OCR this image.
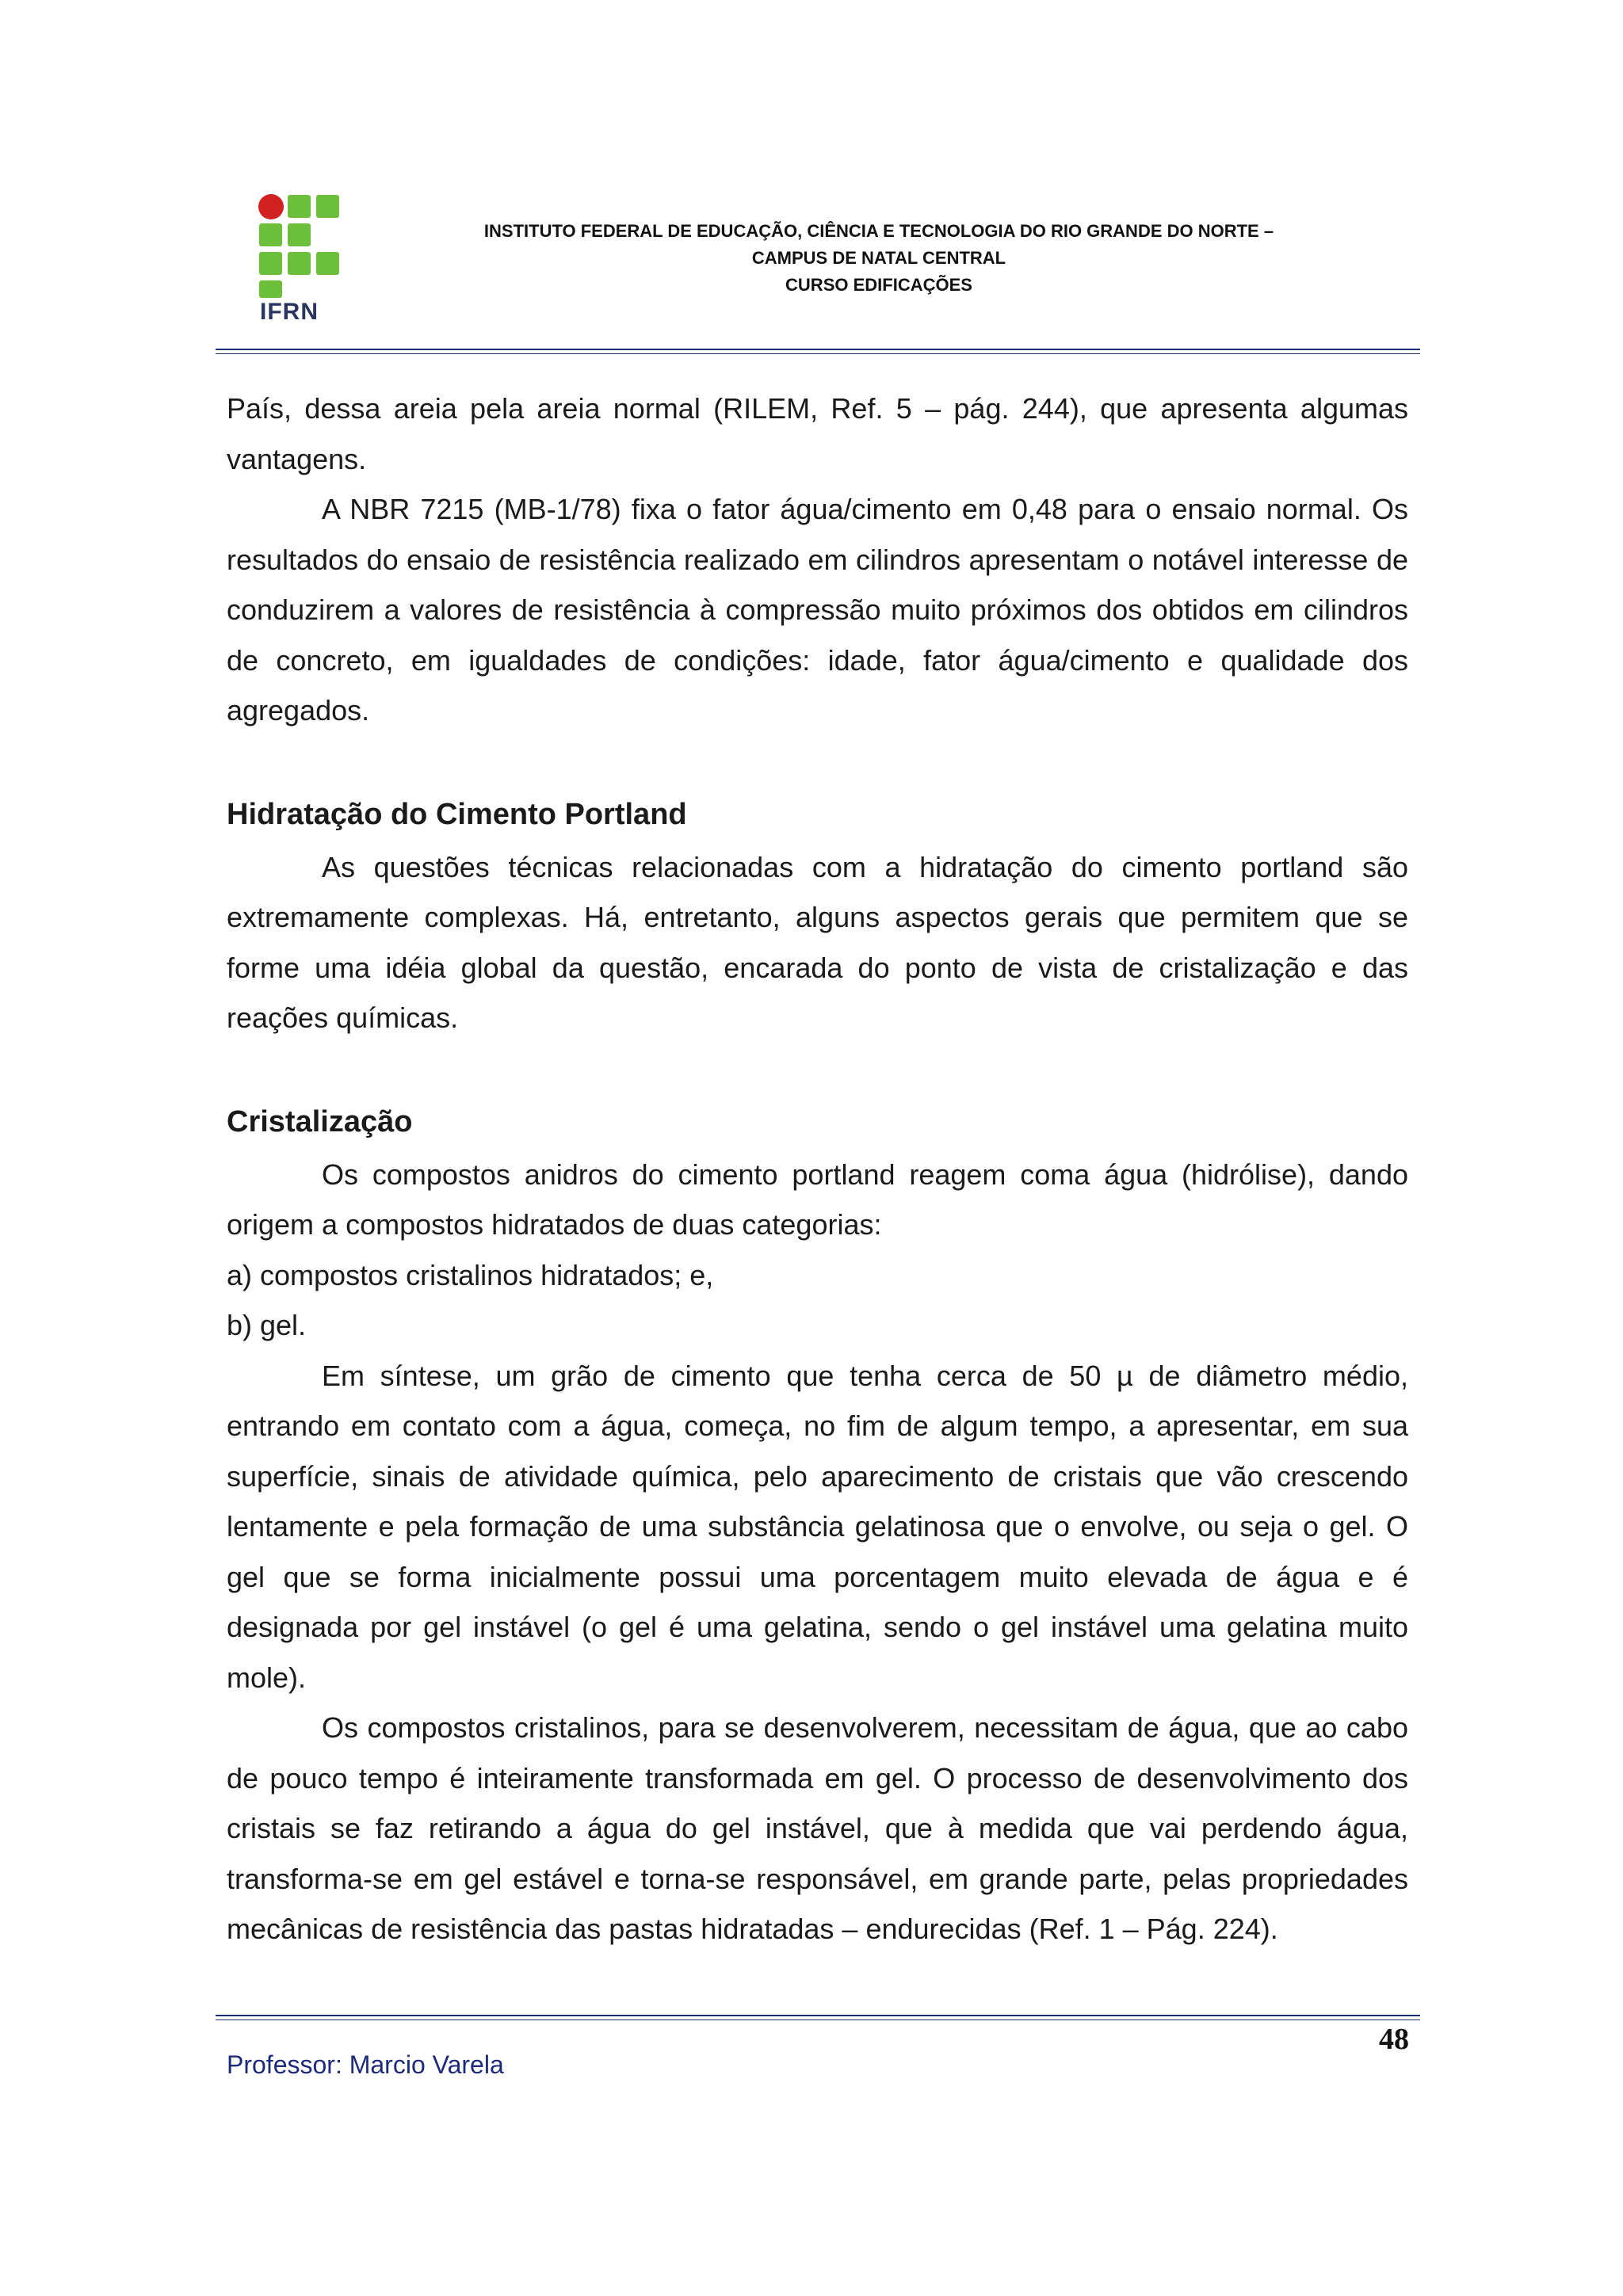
IFRN
INSTITUTO FEDERAL DE EDUCAÇÃO, CIÊNCIA E TECNOLOGIA DO RIO GRANDE DO NORTE –
CAMPUS DE NATAL CENTRAL
CURSO EDIFICAÇÕES

País, dessa areia pela areia normal (RILEM, Ref. 5 – pág. 244), que apresenta algumas vantagens.

A NBR 7215 (MB-1/78) fixa o fator água/cimento em 0,48 para o ensaio normal. Os resultados do ensaio de resistência realizado em cilindros apresentam o notável interesse de conduzirem a valores de resistência à compressão muito próximos dos obtidos em cilindros de concreto, em igualdades de condições: idade, fator água/cimento e qualidade dos agregados.

Hidratação do Cimento Portland

As questões técnicas relacionadas com a hidratação do cimento portland são extremamente complexas. Há, entretanto, alguns aspectos gerais que permitem que se forme uma idéia global da questão, encarada do ponto de vista de cristalização e das reações químicas.

Cristalização

Os compostos anidros do cimento portland reagem coma água (hidrólise), dando origem a compostos hidratados de duas categorias:

a) compostos cristalinos hidratados; e,

b) gel.

Em síntese, um grão de cimento que tenha cerca de 50 µ de diâmetro médio, entrando em contato com a água, começa, no fim de algum tempo, a apresentar, em sua superfície, sinais de atividade química, pelo aparecimento de cristais que vão crescendo lentamente e pela formação de uma substância gelatinosa que o envolve, ou seja o gel. O gel que se forma inicialmente possui uma porcentagem muito elevada de água e é designada por gel instável (o gel é uma gelatina, sendo o gel instável uma gelatina muito mole).

Os compostos cristalinos, para se desenvolverem, necessitam de água, que ao cabo de pouco tempo é inteiramente transformada em gel. O processo de desenvolvimento dos cristais se faz retirando a água do gel instável, que à medida que vai perdendo água, transforma-se em gel estável e torna-se responsável, em grande parte, pelas propriedades mecânicas de resistência das pastas hidratadas – endurecidas (Ref. 1 – Pág. 224).

48
Professor: Marcio Varela
